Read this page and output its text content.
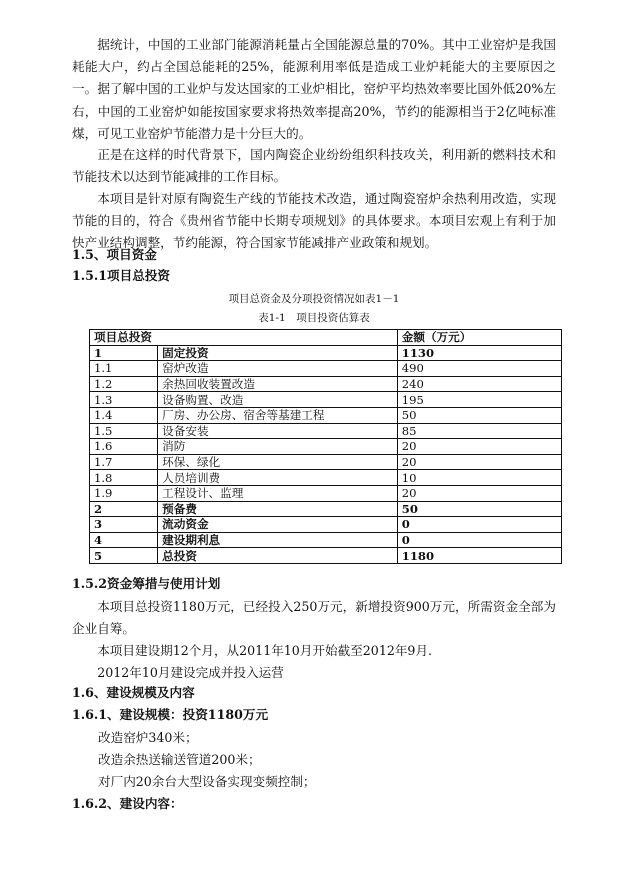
据统计，中国的工业部门能源消耗量占全国能源总量的70%。其中工业窑炉是我国耗能大户，约占全国总能耗的25%，能源利用率低是造成工业炉耗能大的主要原因之一。据了解中国的工业炉与发达国家的工业炉相比，窑炉平均热效率要比国外低20%左右，中国的工业窑炉如能按国家要求将热效率提高20%，节约的能源相当于2亿吨标准煤，可见工业窑炉节能潜力是十分巨大的。

正是在这样的时代背景下，国内陶瓷企业纷纷组织科技攻关，利用新的燃料技术和节能技术以达到节能减排的工作目标。

本项目是针对原有陶瓷生产线的节能技术改造，通过陶瓷窑炉余热利用改造，实现节能的目的，符合《贵州省节能中长期专项规划》的具体要求。本项目宏观上有利于加快产业结构调整，节约能源，符合国家节能减排产业政策和规划。

1.5、项目资金

1.5.1项目总投资

项目总资金及分项投资情况如表1－1

表1-1　项目投资估算表

项目总投资		金额（万元）
1	固定投资	1130
1.1	窑炉改造	490
1.2	余热回收装置改造	240
1.3	设备购置、改造	195
1.4	厂房、办公房、宿舍等基建工程	50
1.5	设备安装	85
1.6	消防	20
1.7	环保、绿化	20
1.8	人员培训费	10
1.9	工程设计、监理	20
2	预备费	50
3	流动资金	0
4	建设期利息	0
5	总投资	1180

1.5.2资金筹措与使用计划

本项目总投资1180万元，已经投入250万元，新增投资900万元，所需资金全部为企业自筹。

本项目建设期12个月，从2011年10月开始截至2012年9月.

2012年10月建设完成并投入运营

1.6、建设规模及内容

1.6.1、建设规模：投资1180万元

改造窑炉340米；

改造余热送输送管道200米；

对厂内20余台大型设备实现变频控制；

1.6.2、建设内容：
